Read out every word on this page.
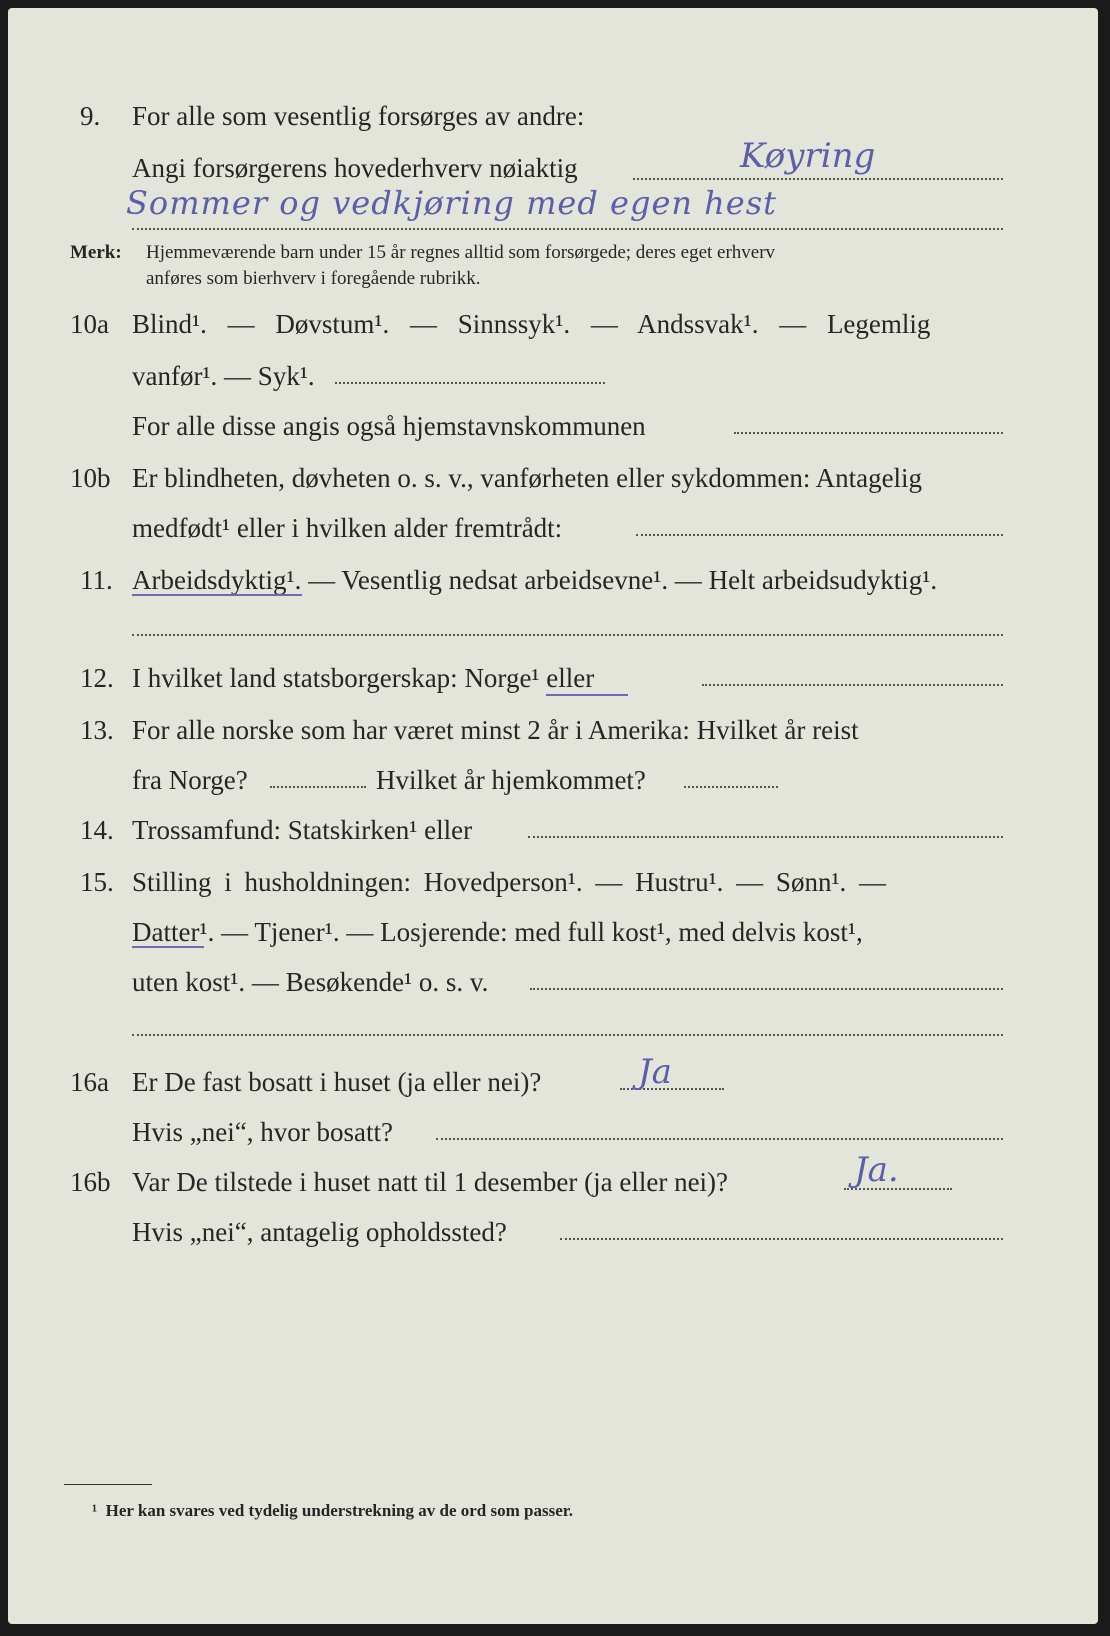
9. For alle som vesentlig forsørges av andre:
Angi forsørgerens hovederhverv nøiaktig	Køyring
Sommer og vedkjøring med egen hest
Merk: Hjemmeværende barn under 15 år regnes alltid som forsørgede; deres eget erhverv
anføres som bierhverv i foregående rubrikk.
10a Blind¹. — Døvstum¹. — Sinnssyk¹. — Andssvak¹. — Legemlig
vanfør¹. — Syk¹.
For alle disse angis også hjemstavnskommunen
10b Er blindheten, døvheten o. s. v., vanførheten eller sykdommen: Antagelig
medfødt¹ eller i hvilken alder fremtrådt:
11. Arbeidsdyktig¹. — Vesentlig nedsat arbeidsevne¹. — Helt arbeidsudyktig¹.
12. I hvilket land statsborgerskap: Norge¹ eller
13. For alle norske som har været minst 2 år i Amerika: Hvilket år reist
fra Norge?	Hvilket år hjemkommet?
14. Trossamfund: Statskirken¹ eller
15. Stilling i husholdningen: Hovedperson¹. — Hustru¹. — Sønn¹. —
Datter¹. — Tjener¹. — Losjerende: med full kost¹, med delvis kost¹,
uten kost¹. — Besøkende¹ o. s. v.
16a Er De fast bosatt i huset (ja eller nei)?	Ja
Hvis „nei“, hvor bosatt?
16b Var De tilstede i huset natt til 1 desember (ja eller nei)?	Ja.
Hvis „nei“, antagelig opholdssted?
¹ Her kan svares ved tydelig understrekning av de ord som passer.
